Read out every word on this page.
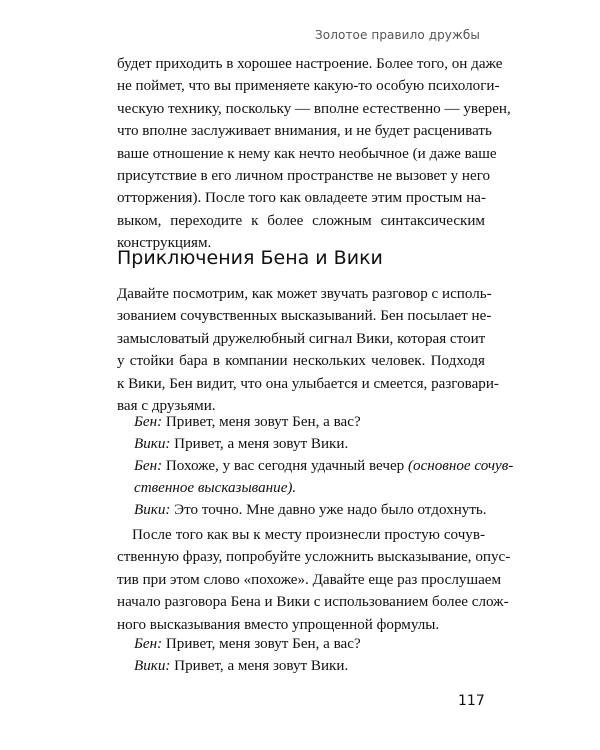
Золотое правило дружбы
будет приходить в хорошее настроение. Более того, он даже
не поймет, что вы применяете какую-то особую психологи-
ческую технику, поскольку — вполне естественно — уверен,
что вполне заслуживает внимания, и не будет расценивать
ваше отношение к нему как нечто необычное (и даже ваше
присутствие в его личном пространстве не вызовет у него
отторжения). После того как овладеете этим простым на-
выком, переходите к более сложным синтаксическим
конструкциям.
Приключения Бена и Вики
Давайте посмотрим, как может звучать разговор с исполь-
зованием сочувственных высказываний. Бен посылает не-
замысловатый дружелюбный сигнал Вики, которая стоит
у стойки бара в компании нескольких человек. Подходя
к Вики, Бен видит, что она улыбается и смеется, разговари-
вая с друзьями.
Бен: Привет, меня зовут Бен, а вас?
Вики: Привет, а меня зовут Вики.
Бен: Похоже, у вас сегодня удачный вечер (основное сочув-
ственное высказывание).
Вики: Это точно. Мне давно уже надо было отдохнуть.
После того как вы к месту произнесли простую сочув-
ственную фразу, попробуйте усложнить высказывание, опус-
тив при этом слово «похоже». Давайте еще раз прослушаем
начало разговора Бена и Вики с использованием более слож-
ного высказывания вместо упрощенной формулы.
Бен: Привет, меня зовут Бен, а вас?
Вики: Привет, а меня зовут Вики.
117
